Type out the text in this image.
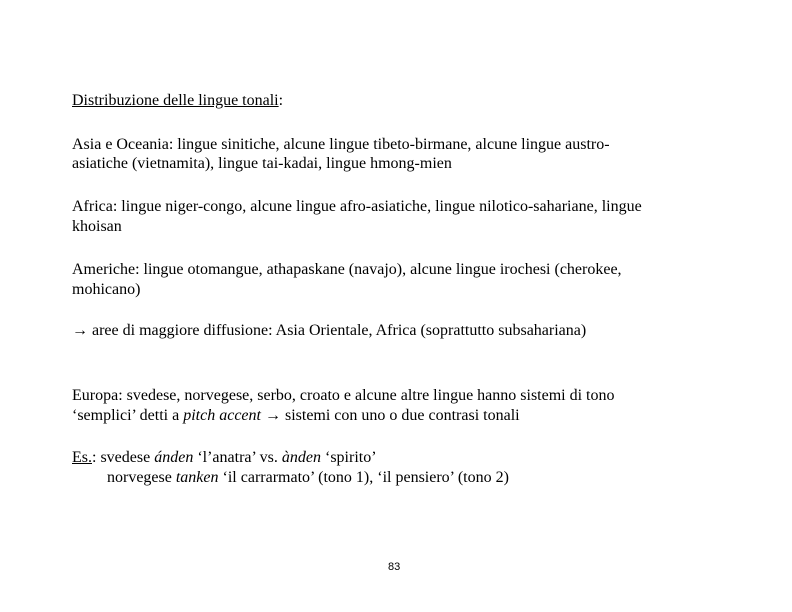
Distribuzione delle lingue tonali:
Asia e Oceania: lingue sinitiche, alcune lingue tibeto-birmane, alcune lingue austro-
asiatiche (vietnamita), lingue tai-kadai, lingue hmong-mien
Africa: lingue niger-congo, alcune lingue afro-asiatiche, lingue nilotico-sahariane, lingue
khoisan
Americhe: lingue otomangue, athapaskane (navajo), alcune lingue irochesi (cherokee,
mohicano)
→ aree di maggiore diffusione: Asia Orientale, Africa (soprattutto subsahariana)
Europa: svedese, norvegese, serbo, croato e alcune altre lingue hanno sistemi di tono
‘semplici’ detti a pitch accent → sistemi con uno o due contrasi tonali
Es.: svedese ánden ‘l’anatra’ vs. ànden ‘spirito’
norvegese tanken ‘il carrarmato’ (tono 1), ‘il pensiero’ (tono 2)
83
